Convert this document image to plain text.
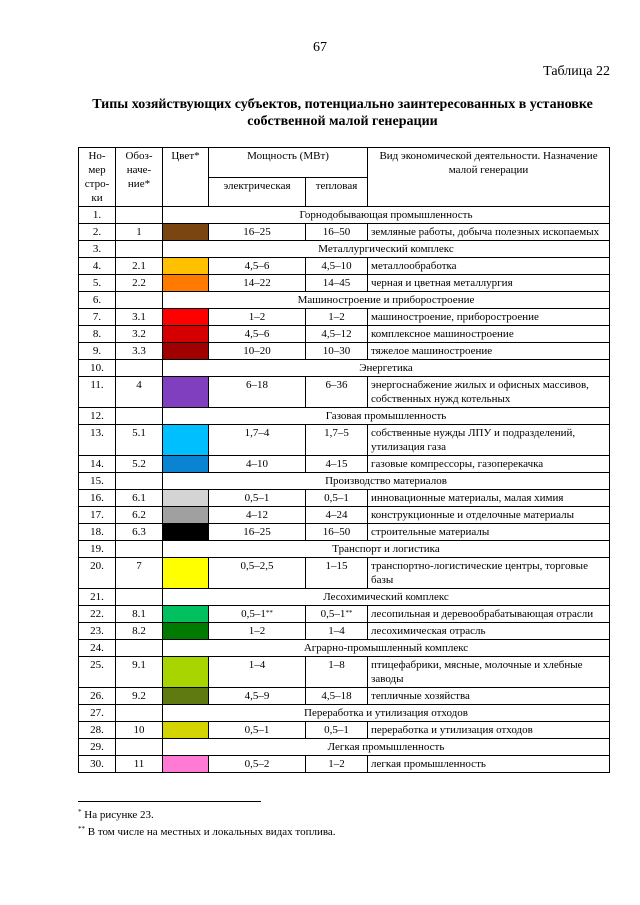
67
Таблица 22
Типы хозяйствующих субъектов, потенциально заинтересованных в установке собственной малой генерации
Но-мер стро-ки	Обоз-наче-ние*	Цвет*	Мощность (МВт)		Вид экономической деятельности. Назначение малой генерации
			электрическая	тепловая	
1.		Горнодобывающая промышленность			
2.	1		16–25	16–50	земляные работы, добыча полезных ископаемых
3.		Металлургический комплекс			
4.	2.1		4,5–6	4,5–10	металлообработка
5.	2.2		14–22	14–45	черная и цветная металлургия
6.		Машиностроение и приборостроение			
7.	3.1		1–2	1–2	машиностроение, приборостроение
8.	3.2		4,5–6	4,5–12	комплексное машиностроение
9.	3.3		10–20	10–30	тяжелое машиностроение
10.		Энергетика			
11.	4		6–18	6–36	энергоснабжение жилых и офисных массивов, собственных нужд котельных
12.		Газовая промышленность			
13.	5.1		1,7–4	1,7–5	собственные нужды ЛПУ и подразделений, утилизация газа
14.	5.2		4–10	4–15	газовые компрессоры, газоперекачка
15.		Производство материалов			
16.	6.1		0,5–1	0,5–1	инновационные материалы, малая химия
17.	6.2		4–12	4–24	конструкционные и отделочные материалы
18.	6.3		16–25	16–50	строительные материалы
19.		Транспорт и логистика			
20.	7		0,5–2,5	1–15	транспортно-логистические центры, торговые базы
21.		Лесохимический комплекс			
22.	8.1		0,5–1**	0,5–1**	лесопильная и деревообрабатывающая отрасли
23.	8.2		1–2	1–4	лесохимическая отрасль
24.		Аграрно-промышленный комплекс			
25.	9.1		1–4	1–8	птицефабрики, мясные, молочные и хлебные заводы
26.	9.2		4,5–9	4,5–18	тепличные хозяйства
27.		Переработка и утилизация отходов			
28.	10		0,5–1	0,5–1	переработка и утилизация отходов
29.		Легкая промышленность			
30.	11		0,5–2	1–2	легкая промышленность
* На рисунке 23.
** В том числе на местных и локальных видах топлива.
